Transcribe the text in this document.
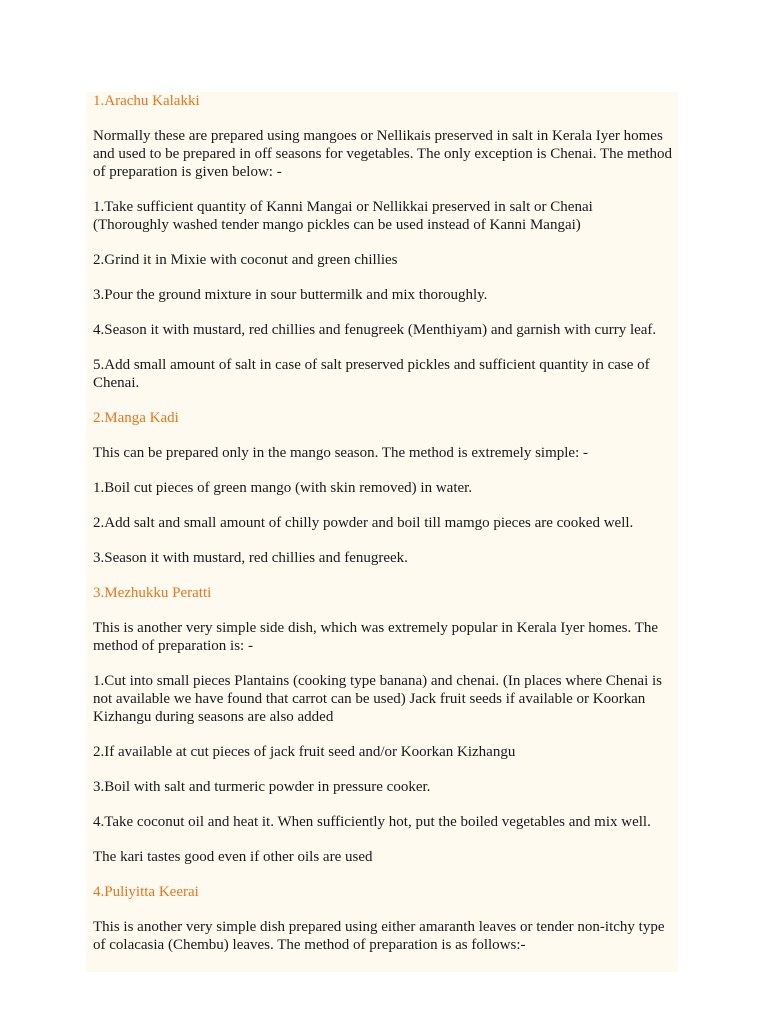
1.Arachu Kalakki

Normally these are prepared using mangoes or Nellikais preserved in salt in Kerala Iyer homes and used to be prepared in off seasons for vegetables. The only exception is Chenai. The method of preparation is given below: -

1.Take sufficient quantity of Kanni Mangai or Nellikkai preserved in salt or Chenai (Thoroughly washed tender mango pickles can be used instead of Kanni Mangai)

2.Grind it in Mixie with coconut and green chillies

3.Pour the ground mixture in sour buttermilk and mix thoroughly.

4.Season it with mustard, red chillies and fenugreek (Menthiyam) and garnish with curry leaf.

5.Add small amount of salt in case of salt preserved pickles and sufficient quantity in case of Chenai.

2.Manga Kadi

This can be prepared only in the mango season. The method is extremely simple: -

1.Boil cut pieces of green mango (with skin removed) in water.

2.Add salt and small amount of chilly powder and boil till mamgo pieces are cooked well.

3.Season it with mustard, red chillies and fenugreek.

3.Mezhukku Peratti

This is another very simple side dish, which was extremely popular in Kerala Iyer homes. The method of preparation is: -

1.Cut into small pieces Plantains (cooking type banana) and chenai. (In places where Chenai is not available we have found that carrot can be used) Jack fruit seeds if available or Koorkan Kizhangu during seasons are also added

2.If available at cut pieces of jack fruit seed and/or Koorkan Kizhangu

3.Boil with salt and turmeric powder in pressure cooker.

4.Take coconut oil and heat it. When sufficiently hot, put the boiled vegetables and mix well.

The kari tastes good even if other oils are used

4.Puliyitta Keerai

This is another very simple dish prepared using either amaranth leaves or tender non-itchy type of colacasia (Chembu) leaves. The method of preparation is as follows:-
